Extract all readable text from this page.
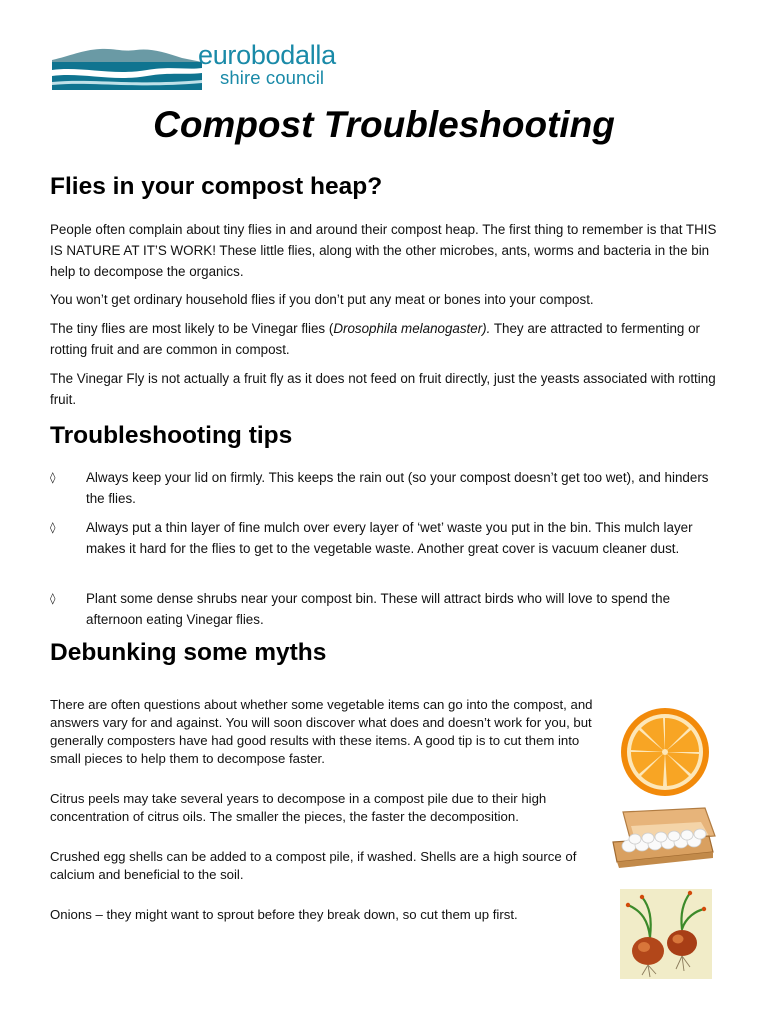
eurobodalla
shire council
Compost Troubleshooting
Flies in your compost heap?

People often complain about tiny flies in and around their compost heap. The first thing to remember is that THIS IS NATURE AT IT’S WORK! These little flies, along with the other microbes, ants, worms and bacteria in the bin help to decompose the organics.

You won’t get ordinary household flies if you don’t put any meat or bones into your compost.

The tiny flies are most likely to be Vinegar flies (Drosophila melanogaster). They are attracted to fermenting or rotting fruit and are common in compost.

The Vinegar Fly is not actually a fruit fly as it does not feed on fruit directly, just the yeasts associated with rotting fruit.

Troubleshooting tips
◊ Always keep your lid on firmly. This keeps the rain out (so your compost doesn’t get too wet), and hinders the flies.
◊ Always put a thin layer of fine mulch over every layer of ‘wet’ waste you put in the bin. This mulch layer makes it hard for the flies to get to the vegetable waste. Another great cover is vacuum cleaner dust.
◊ Plant some dense shrubs near your compost bin. These will attract birds who will love to spend the afternoon eating Vinegar flies.
Debunking some myths

There are often questions about whether some vegetable items can go into the compost, and answers vary for and against. You will soon discover what does and doesn’t work for you, but generally composters have had good results with these items. A good tip is to cut them into small pieces to help them to decompose faster.

Citrus peels may take several years to decompose in a compost pile due to their high concentration of citrus oils. The smaller the pieces, the faster the decomposition.

Crushed egg shells can be added to a compost pile, if washed. Shells are a high source of calcium and beneficial to the soil.

Onions – they might want to sprout before they break down, so cut them up first.
